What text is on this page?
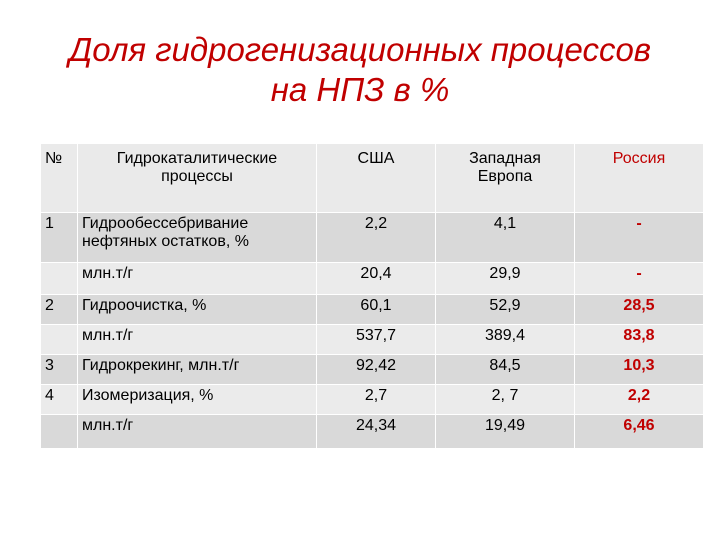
Доля гидрогенизационных процессов
на НПЗ в %
№	Гидрокаталитические процессы	США	Западная Европа	Россия
1	Гидрообессебривание нефтяных остатков, %	2,2	4,1	-
	млн.т/г	20,4	29,9	-
2	Гидроочистка, %	60,1	52,9	28,5
	млн.т/г	537,7	389,4	83,8
3	Гидрокрекинг, млн.т/г	92,42	84,5	10,3
4	Изомеризация, %	2,7	2, 7	2,2
	млн.т/г	24,34	19,49	6,46
